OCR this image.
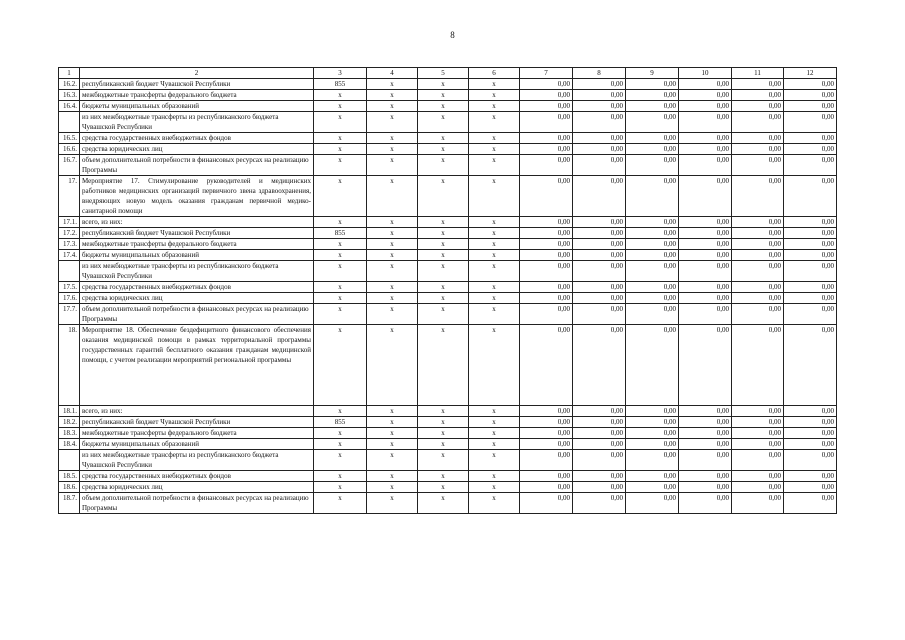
8
1	2	3	4	5	6	7	8	9	10	11	12
16.2.	республиканский бюджет Чувашской Республики	855	x	x	x	0,00	0,00	0,00	0,00	0,00	0,00
16.3.	межбюджетные трансферты федерального бюджета	x	x	x	x	0,00	0,00	0,00	0,00	0,00	0,00
16.4.	бюджеты муниципальных образований	x	x	x	x	0,00	0,00	0,00	0,00	0,00	0,00
	из них межбюджетные трансферты из республиканского бюджета Чувашской Республики	x	x	x	x	0,00	0,00	0,00	0,00	0,00	0,00
16.5.	средства государственных внебюджетных фондов	x	x	x	x	0,00	0,00	0,00	0,00	0,00	0,00
16.6.	средства юридических лиц	x	x	x	x	0,00	0,00	0,00	0,00	0,00	0,00
16.7.	объем дополнительной потребности в финансовых ресурсах на реализацию Программы	x	x	x	x	0,00	0,00	0,00	0,00	0,00	0,00
17.	Мероприятие 17. Стимулирование руководителей и медицинских работников медицинских организаций первичного звена здравоохранения, внедряющих новую модель оказания гражданам первичной медико-санитарной помощи	x	x	x	x	0,00	0,00	0,00	0,00	0,00	0,00
17.1.	всего, из них:	x	x	x	x	0,00	0,00	0,00	0,00	0,00	0,00
17.2.	республиканский бюджет Чувашской Республики	855	x	x	x	0,00	0,00	0,00	0,00	0,00	0,00
17.3.	межбюджетные трансферты федерального бюджета	x	x	x	x	0,00	0,00	0,00	0,00	0,00	0,00
17.4.	бюджеты муниципальных образований	x	x	x	x	0,00	0,00	0,00	0,00	0,00	0,00
	из них межбюджетные трансферты из республиканского бюджета Чувашской Республики	x	x	x	x	0,00	0,00	0,00	0,00	0,00	0,00
17.5.	средства государственных внебюджетных фондов	x	x	x	x	0,00	0,00	0,00	0,00	0,00	0,00
17.6.	средства юридических лиц	x	x	x	x	0,00	0,00	0,00	0,00	0,00	0,00
17.7.	объем дополнительной потребности в финансовых ресурсах на реализацию Программы	x	x	x	x	0,00	0,00	0,00	0,00	0,00	0,00
18.	Мероприятие 18. Обеспечение бездефицитного финансового обеспечения оказания медицинской помощи в рамках территориальной программы государственных гарантий бесплатного оказания гражданам медицинской помощи, с учетом реализации мероприятий региональной программы	x	x	x	x	0,00	0,00	0,00	0,00	0,00	0,00
18.1.	всего, из них:	x	x	x	x	0,00	0,00	0,00	0,00	0,00	0,00
18.2.	республиканский бюджет Чувашской Республики	855	x	x	x	0,00	0,00	0,00	0,00	0,00	0,00
18.3.	межбюджетные трансферты федерального бюджета	x	x	x	x	0,00	0,00	0,00	0,00	0,00	0,00
18.4.	бюджеты муниципальных образований	x	x	x	x	0,00	0,00	0,00	0,00	0,00	0,00
	из них межбюджетные трансферты из республиканского бюджета Чувашской Республики	x	x	x	x	0,00	0,00	0,00	0,00	0,00	0,00
18.5.	средства государственных внебюджетных фондов	x	x	x	x	0,00	0,00	0,00	0,00	0,00	0,00
18.6.	средства юридических лиц	x	x	x	x	0,00	0,00	0,00	0,00	0,00	0,00
18.7.	объем дополнительной потребности в финансовых ресурсах на реализацию Программы	x	x	x	x	0,00	0,00	0,00	0,00	0,00	0,00
